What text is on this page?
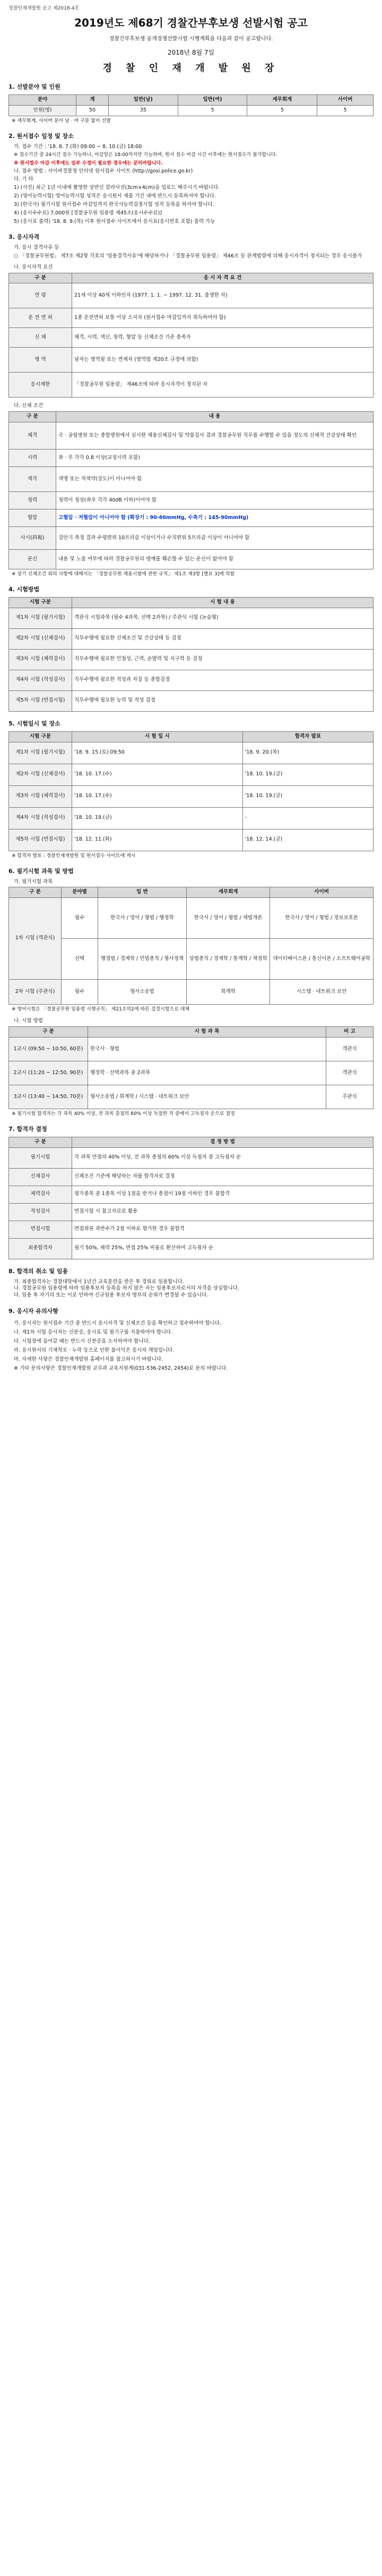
경찰인재개발원 공고 제2018-4호
2019년도 제68기 경찰간부후보생 선발시험 공고
경찰간부후보생 공개경쟁선발시험 시행계획을 다음과 같이 공고합니다.
2018년 8월 7일
경 찰 인 재 개 발 원 장
1. 선발분야 및 인원
분야	계	일반(남)	일반(여)	세무회계	사이버
인원(명)	50	35	5	5	5
※ 세무회계, 사이버 분야 남 · 여 구분 없이 선발
2. 원서접수 일정 및 장소
가. 접수 기간 : '18. 8. 7.(화) 09:00 ~ 8. 10.(금) 18:00
※ 접수기간 중 24시간 접수 가능하나, 마감일은 18:00까지만 가능하며, 원서 접수 마감 시간 이후에는 원서접수가 불가합니다.
※ 원서접수 마감 이후에도 일부 수정이 필요한 경우에는 문의바랍니다.
나. 접수 방법 : 사이버경찰청 인터넷 원서접수 사이트 (http://gosi.police.go.kr)
다. 기 타
1) (사진) 최근 1년 이내에 촬영한 상반신 칼라사진(3cm×4cm)을 업로드 해주시기 바랍니다.
2) (영어능력시험) 영어능력시험 성적은 응시원서 제출 기간 내에 반드시 등록하셔야 합니다.
3) (한국사) 필기시험 원서접수 마감일까지 한국사능력검정시험 성적 등록을 하셔야 합니다.
4) (응시수수료) 7,000원 [경찰공무원 임용령 제45조(응시수수료)]
5) (응시표 출력) '18. 8. 9.(목) 이후 원서접수 사이트에서 응시표(응시번호 포함) 출력 가능
3. 응시자격
가. 응시 결격사유 등
○ 「경찰공무원법」 제7조 제2항 각호의 '임용결격사유'에 해당하거나 「경찰공무원 임용령」 제46조 등 관계법령에 의해 응시자격이 정지되는 경우 응시불가
나. 응시자격 요건
구 분	응 시 자 격 요 건
연 령	21세 이상 40세 이하인자 (1977. 1. 1. ~ 1997. 12. 31. 출생한 자)
운 전 면 허	1종 운전면허 보통 이상 소지자 (원서접수 마감일까지 취득하여야 함)
신 체	체격, 시력, 색신, 청력, 혈압 등 신체조건 기준 충족자
병 역	남자는 병역필 또는 면제자 (병역법 제20조 규정에 의함)
응시제한	「경찰공무원 임용령」 제46조에 따라 응시자격이 정지된 자
다. 신체 조건
구 분	내 용
체격	국 · 공립병원 또는 종합병원에서 실시한 채용신체검사 및 약물검사 결과 경찰공무원 직무를 수행할 수 있을 정도의 신체적 건강상태 확인
시력	좌 · 우 각각 0.8 이상(교정시력 포함)
색각	색맹 또는 적색약(강도)이 아니어야 함
청력	청력이 정상(좌우 각각 40dB 이하)이어야 함
혈압	고혈압 · 저혈압이 아니어야 함 (확장기 : 90-60mmHg, 수축기 : 145-90mmHg)
사시(斜視)	검안기 측정 결과 수평편위 10프리즘 이상이거나 수직편위 5프리즘 이상이 아니어야 함
문신	내용 및 노출 여부에 따라 경찰공무원의 명예를 훼손할 수 있는 문신이 없어야 함
※ 상기 신체조건 외의 사항에 대해서는 「경찰공무원 채용시험에 관한 규칙」 제1조 제3항 [별표 3]에 의함
4. 시험방법
시험 구분	시 험 내 용
제1차 시험 (필기시험)	객관식 시험과목 (필수 4과목, 선택 2과목) / 주관식 시험 (논술형)
제2차 시험 (신체검사)	직무수행에 필요한 신체조건 및 건강상태 등 검정
제3차 시험 (체력검사)	직무수행에 필요한 민첩성, 근력, 순발력 및 지구력 등 검정
제4차 시험 (적성검사)	직무수행에 필요한 적성과 자질 등 종합검정
제5차 시험 (면접시험)	직무수행에 필요한 능력 및 적성 검정
5. 시험일시 및 장소
시험 구분	시 험 일 시	합격자 발표
제1차 시험 (필기시험)	'18. 9. 15.(토) 09:50	'18. 9. 20.(목)
제2차 시험 (신체검사)	'18. 10. 17.(수)	'18. 10. 19.(금)
제3차 시험 (체력검사)	'18. 10. 17.(수)	'18. 10. 19.(금)
제4차 시험 (적성검사)	'18. 10. 19.(금)	-
제5차 시험 (면접시험)	'18. 12. 11.(화)	'18. 12. 14.(금)
※ 합격자 발표 : 경찰인재개발원 및 원서접수 사이트에 게시
6. 필기시험 과목 및 방법
가. 필기시험 과목
구 분	분야별	일 반	세무회계	사이버
1차 시험 (객관식)	필수	한국사 / 영어 / 형법 / 행정학	한국사 / 영어 / 형법 / 세법개론	한국사 / 영어 / 형법 / 정보보호론
	선택	행정법 / 경제학 / 민법총칙 / 형사정책	상법총칙 / 경제학 / 통계학 / 재정학	데이터베이스론 / 통신이론 / 소프트웨어공학
2차 시험 (주관식)	필수	형사소송법	회계학	시스템 · 네트워크 보안
※ 영어시험은 「경찰공무원 임용령 시행규칙」 제21조의2에 따른 검정시험으로 대체
나. 시험 방법
구 분	시 험 과 목	비 고
1교시 (09:50 ~ 10:50, 60분)	한국사 · 형법	객관식
2교시 (11:20 ~ 12:50, 90분)	행정학 · 선택과목 중 2과목	객관식
3교시 (13:40 ~ 14:50, 70분)	형사소송법 / 회계학 / 시스템 · 네트워크 보안	주관식
※ 필기시험 합격자는 각 과목 40% 이상, 전 과목 총점의 60% 이상 득점한 자 중에서 고득점자 순으로 결정
7. 합격자 결정
구 분	결 정 방 법
필기시험	각 과목 만점의 40% 이상, 전 과목 총점의 60% 이상 득점자 중 고득점자 순
신체검사	신체조건 기준에 해당하는 자를 합격자로 결정
체력검사	평가종목 중 1종목 이상 1점을 받거나 총점이 19점 이하인 경우 불합격
적성검사	면접시험 시 참고자료로 활용
면접시험	면접위원 과반수가 2점 이하로 평가한 경우 불합격
최종합격자	필기 50%, 체력 25%, 면접 25% 비율로 환산하여 고득점자 순
8. 합격의 취소 및 임용
가. 최종합격자는 경찰대학에서 1년간 교육훈련을 받은 후 경위로 임용합니다.
나. 경찰공무원 임용령에 따라 임용후보자 등록을 하지 않은 자는 임용후보자로서의 자격을 상실합니다.
다. 임용 후 자기의 또는 이로 인하여 신규임용 후보자 명부의 순위가 변경될 수 있습니다.
9. 응시자 유의사항
가. 응시자는 원서접수 기간 중 반드시 응시자격 및 신체조건 등을 확인하고 접수하여야 합니다.
나. 제1차 시험 응시자는 신분증, 응시표 및 필기구를 지참하여야 합니다.
다. 시험장에 들어갈 때는 반드시 신분증을 소지하여야 합니다.
라. 응시원서의 기재착오 · 누락 등으로 인한 불이익은 응시자 책임입니다.
마. 자세한 사항은 경찰인재개발원 홈페이지를 참고하시기 바랍니다.
※ 기타 문의사항은 경찰인재개발원 교무과 교육지원계(031-536-2452, 2454)로 문의 바랍니다.
